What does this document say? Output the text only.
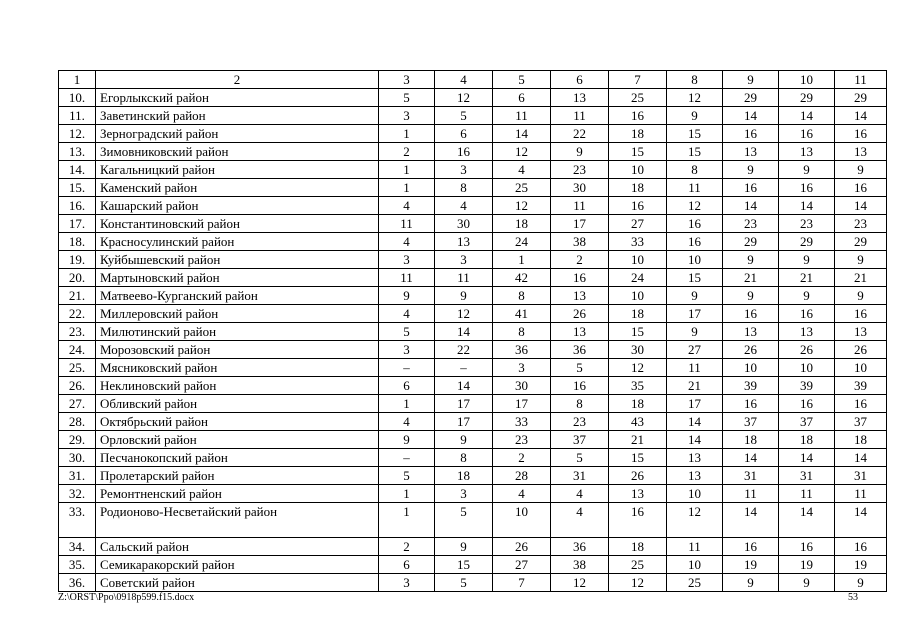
1	2	3	4	5	6	7	8	9	10	11
10.	Егорлыкский район	5	12	6	13	25	12	29	29	29
11.	Заветинский район	3	5	11	11	16	9	14	14	14
12.	Зерноградский район	1	6	14	22	18	15	16	16	16
13.	Зимовниковский район	2	16	12	9	15	15	13	13	13
14.	Кагальницкий район	1	3	4	23	10	8	9	9	9
15.	Каменский район	1	8	25	30	18	11	16	16	16
16.	Кашарский район	4	4	12	11	16	12	14	14	14
17.	Константиновский район	11	30	18	17	27	16	23	23	23
18.	Красносулинский район	4	13	24	38	33	16	29	29	29
19.	Куйбышевский район	3	3	1	2	10	10	9	9	9
20.	Мартыновский район	11	11	42	16	24	15	21	21	21
21.	Матвеево-Курганский район	9	9	8	13	10	9	9	9	9
22.	Миллеровский район	4	12	41	26	18	17	16	16	16
23.	Милютинский район	5	14	8	13	15	9	13	13	13
24.	Морозовский район	3	22	36	36	30	27	26	26	26
25.	Мясниковский район	–	–	3	5	12	11	10	10	10
26.	Неклиновский район	6	14	30	16	35	21	39	39	39
27.	Обливский район	1	17	17	8	18	17	16	16	16
28.	Октябрьский район	4	17	33	23	43	14	37	37	37
29.	Орловский район	9	9	23	37	21	14	18	18	18
30.	Песчанокопский район	–	8	2	5	15	13	14	14	14
31.	Пролетарский район	5	18	28	31	26	13	31	31	31
32.	Ремонтненский район	1	3	4	4	13	10	11	11	11
33.	Родионово-Несветайский район	1	5	10	4	16	12	14	14	14
34.	Сальский район	2	9	26	36	18	11	16	16	16
35.	Семикаракорский район	6	15	27	38	25	10	19	19	19
36.	Советский район	3	5	7	12	12	25	9	9	9
Z:\ORST\Ppo\0918p599.f15.docx	53
